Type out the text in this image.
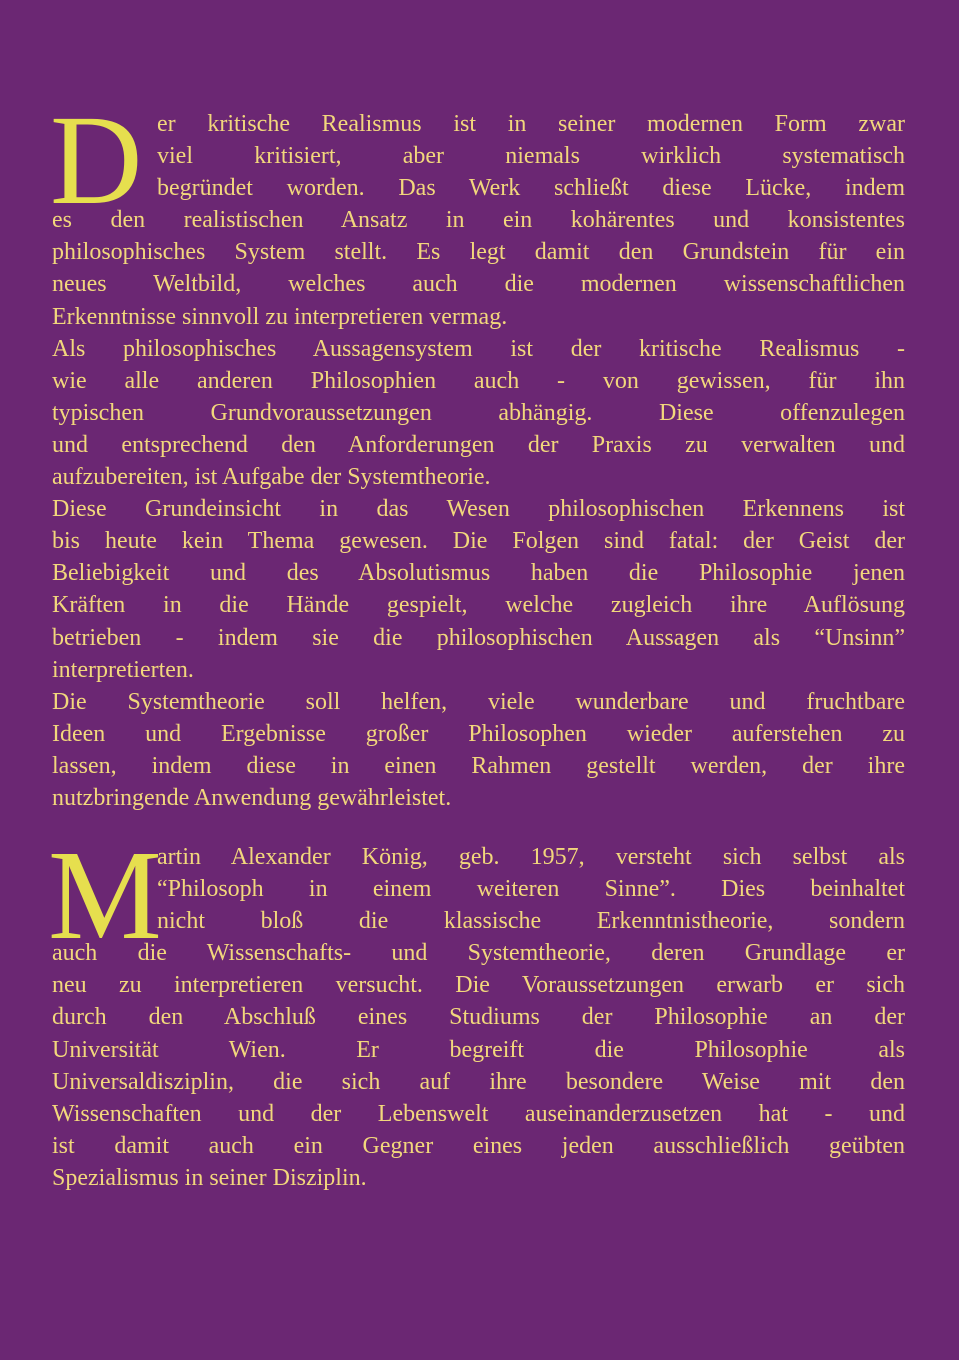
D er kritische Realismus ist in seiner modernen Form zwar
viel kritisiert, aber niemals wirklich systematisch
begründet worden. Das Werk schließt diese Lücke, indem
es den realistischen Ansatz in ein kohärentes und konsistentes
philosophisches System stellt. Es legt damit den Grundstein für ein
neues Weltbild, welches auch die modernen wissenschaftlichen
Erkenntnisse sinnvoll zu interpretieren vermag.
Als philosophisches Aussagensystem ist der kritische Realismus -
wie alle anderen Philosophien auch - von gewissen, für ihn
typischen Grundvoraussetzungen abhängig. Diese offenzulegen
und entsprechend den Anforderungen der Praxis zu verwalten und
aufzubereiten, ist Aufgabe der Systemtheorie.
Diese Grundeinsicht in das Wesen philosophischen Erkennens ist
bis heute kein Thema gewesen. Die Folgen sind fatal: der Geist der
Beliebigkeit und des Absolutismus haben die Philosophie jenen
Kräften in die Hände gespielt, welche zugleich ihre Auflösung
betrieben - indem sie die philosophischen Aussagen als “Unsinn”
interpretierten.
Die Systemtheorie soll helfen, viele wunderbare und fruchtbare
Ideen und Ergebnisse großer Philosophen wieder auferstehen zu
lassen, indem diese in einen Rahmen gestellt werden, der ihre
nutzbringende Anwendung gewährleistet.
M
artin Alexander König, geb. 1957, versteht sich selbst als
“Philosoph in einem weiteren Sinne”. Dies beinhaltet
nicht bloß die klassische Erkenntnistheorie, sondern
auch die Wissenschafts- und Systemtheorie, deren Grundlage er
neu zu interpretieren versucht. Die Voraussetzungen erwarb er sich
durch den Abschluß eines Studiums der Philosophie an der
Universität Wien. Er begreift die Philosophie als
Universaldisziplin, die sich auf ihre besondere Weise mit den
Wissenschaften und der Lebenswelt auseinanderzusetzen hat - und
ist damit auch ein Gegner eines jeden ausschließlich geübten
Spezialismus in seiner Disziplin.
